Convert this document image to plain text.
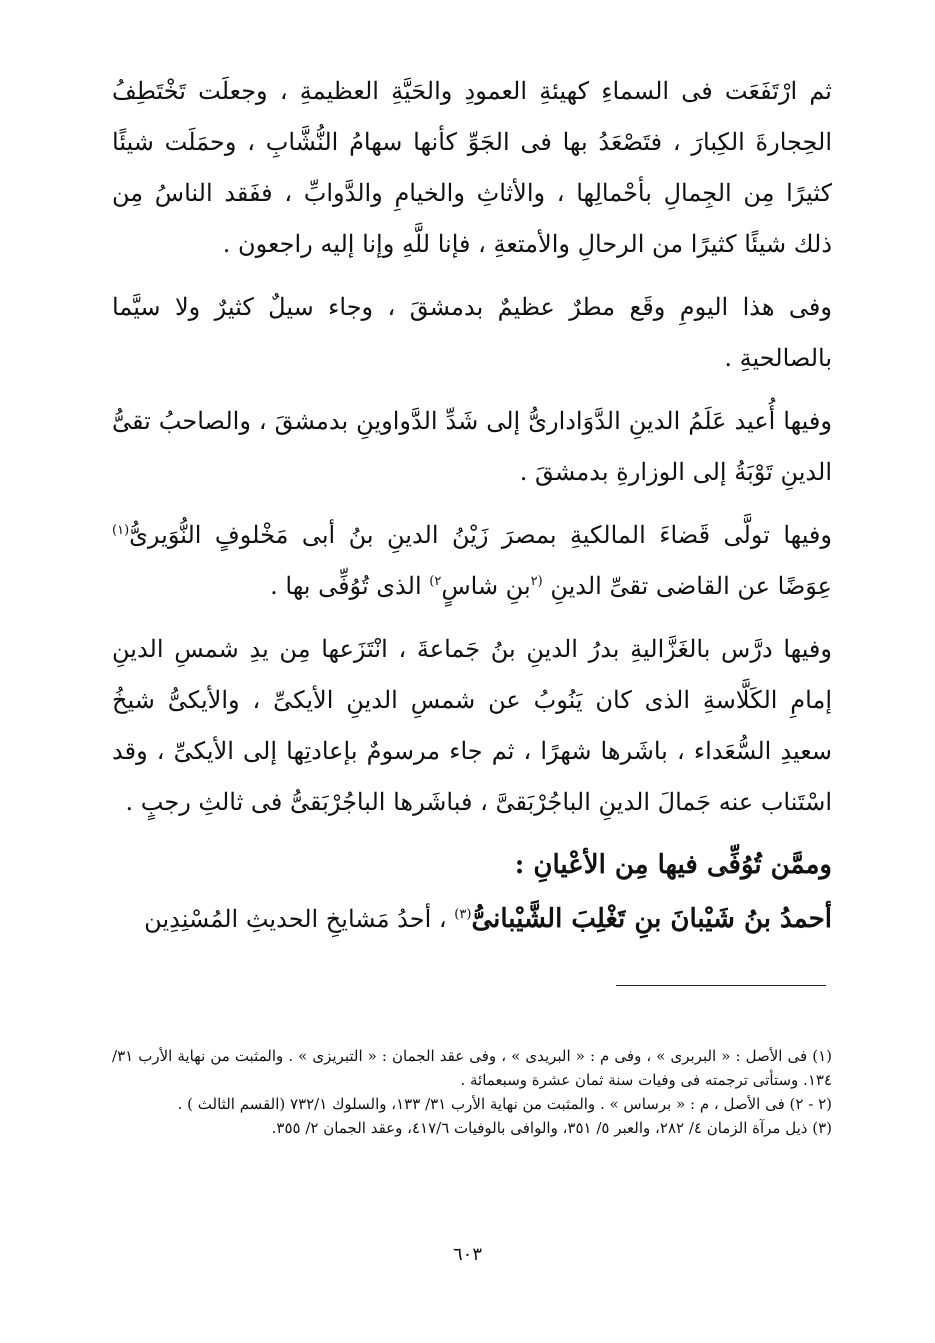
ثم ارْتَفَعَت فى السماءِ كهيئةِ العمودِ والحَيَّةِ العظيمةِ ، وجعلَت تَخْتَطِفُ الحِجارةَ الكِبارَ ، فتَصْعَدُ بها فى الجَوِّ كأنها سهامُ النُّشَّابِ ، وحمَلَت شيئًا كثيرًا مِن الجِمالِ بأحْمالِها ، والأثاثِ والخيامِ والدَّوابِّ ، ففَقد الناسُ مِن ذلك شيئًا كثيرًا من الرحالِ والأمتعةِ ، فإنا للَّهِ وإنا إليه راجعون .

وفى هذا اليومِ وقَع مطرٌ عظيمٌ بدمشقَ ، وجاء سيلٌ كثيرٌ ولا سيَّما بالصالحيةِ .

وفيها أُعيد عَلَمُ الدينِ الدَّوَادارىُّ إلى شَدِّ الدَّواوينِ بدمشقَ ، والصاحبُ تقىُّ الدينِ تَوْبَةُ إلى الوزارةِ بدمشقَ .

وفيها تولَّى قَضاءَ المالكيةِ بمصرَ زَيْنُ الدينِ بنُ أبى مَخْلوفٍ النُّوَيرىُّ$^{(١)}$ عِوَضًا عن القاضى تقىِّ الدينِ $^{(٢}$بنِ شاسٍ$^{٢)}$ الذى تُوُفِّى بها .

وفيها درَّس بالغَزَّاليةِ بدرُ الدينِ بنُ جَماعةَ ، انْتَزَعها مِن يدِ شمسِ الدينِ إمامِ الكَلَّاسةِ الذى كان يَنُوبُ عن شمسِ الدينِ الأيكىِّ ، والأيكىُّ شيخُ سعيدِ السُّعَداء ، باشَرها شهرًا ، ثم جاء مرسومٌ بإعادتِها إلى الأيكىِّ ، وقد اسْتَناب عنه جَمالَ الدينِ الباجُرْبَقىَّ ، فباشَرها الباجُرْبَقىُّ فى ثالثِ رجبٍ .

وممَّن تُوُفِّى فيها مِن الأعْيانِ :

أحمدُ بنُ شَيْبانَ بنِ تَغْلِبَ الشَّيْبانىُّ$^{(٣)}$ ، أحدُ مَشايخِ الحديثِ المُسْنِدِين

(١) فى الأصل : « البربرى » ، وفى م : « البريدى » ، وفى عقد الجمان : « التبريزى » . والمثبت من نهاية الأرب ٣١/ ١٣٤. وستأتى ترجمته فى وفيات سنة ثمان عشرة وسبعمائة .

(٢ - ٢) فى الأصل ، م : « برساس » . والمثبت من نهاية الأرب ٣١/ ١٣٣، والسلوك ٧٣٢/١ (القسم الثالث ) .

(٣) ذيل مرآة الزمان ٤/ ٢٨٢، والعبر ٥/ ٣٥١، والوافى بالوفيات ٤١٧/٦، وعقد الجمان ٢/ ٣٥٥.

٦٠٣
